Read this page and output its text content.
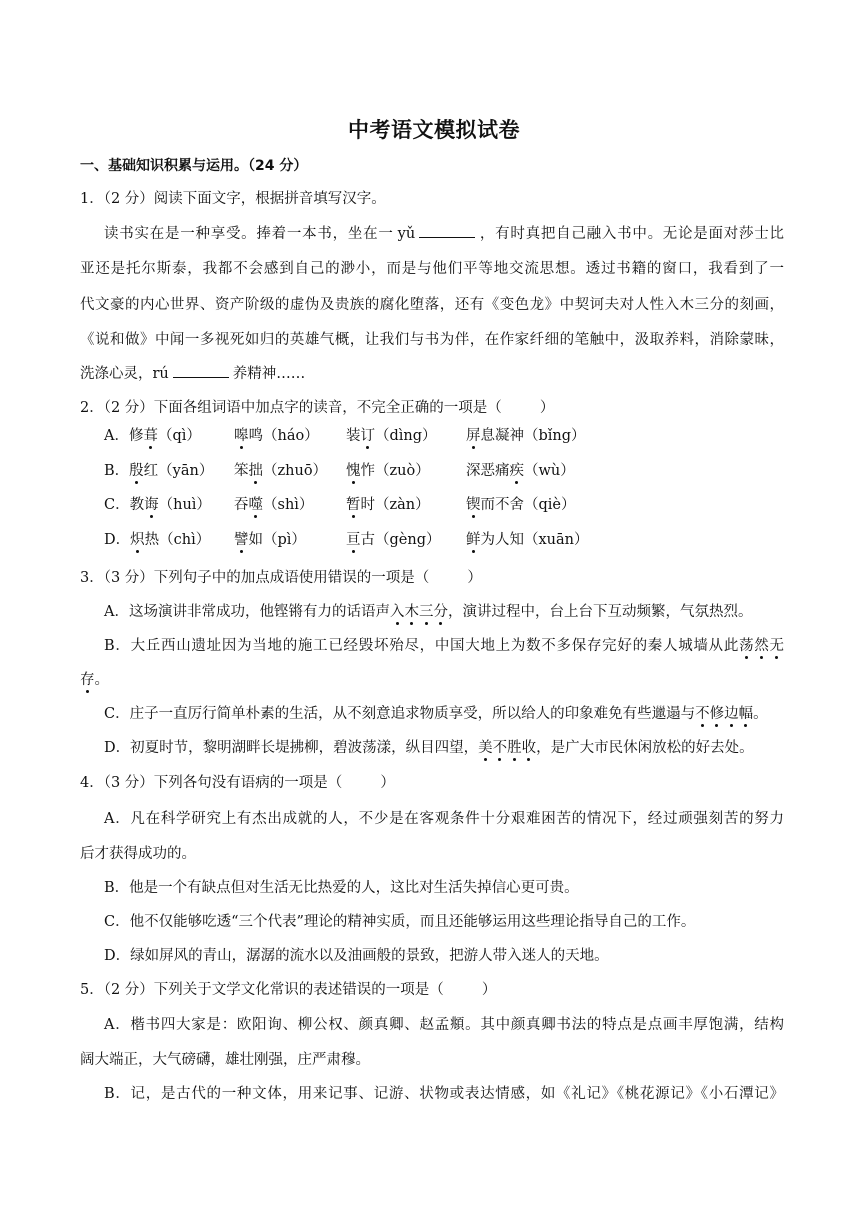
中考语文模拟试卷
一、基础知识积累与运用。（24 分）
1．（2 分）阅读下面文字，根据拼音填写汉字。
读书实在是一种享受。捧着一本书，坐在一 yǔ	，有时真把自己融入书中。无论是面对莎士比
亚还是托尔斯泰，我都不会感到自己的渺小，而是与他们平等地交流思想。透过书籍的窗口，我看到了一
代文豪的内心世界、资产阶级的虚伪及贵族的腐化堕落，还有《变色龙》中契诃夫对人性入木三分的刻画，
《说和做》中闻一多视死如归的英雄气概，让我们与书为伴，在作家纤细的笔触中，汲取养料，消除蒙昧，
洗涤心灵，rú	养精神……
2．（2 分）下面各组词语中加点字的读音，不完全正确的一项是（	）
A．修葺（qì） 嗥鸣（háo） 装订（dìng） 屏息凝神（bǐng）
B．殷红（yān） 笨拙（zhuō） 愧怍（zuò）	深恶痛疾（wù）
C．教诲（huì） 吞噬（shì） 暂时（zàn）	锲而不舍（qiè）
D．炽热（chì） 譬如（pì）	亘古（gèng） 鲜为人知（xuān）
3．（3 分）下列句子中的加点成语使用错误的一项是（	）
A．这场演讲非常成功，他铿锵有力的话语声入木三分，演讲过程中，台上台下互动频繁，气氛热烈。
B．大丘西山遗址因为当地的施工已经毁坏殆尽，中国大地上为数不多保存完好的秦人城墙从此荡然无
存。
C．庄子一直厉行简单朴素的生活，从不刻意追求物质享受，所以给人的印象难免有些邋遢与不修边幅。
D．初夏时节，黎明湖畔长堤拂柳，碧波荡漾，纵目四望，美不胜收，是广大市民休闲放松的好去处。
4．（3 分）下列各句没有语病的一项是（	）
A．凡在科学研究上有杰出成就的人，不少是在客观条件十分艰难困苦的情况下，经过顽强刻苦的努力
后才获得成功的。
B．他是一个有缺点但对生活无比热爱的人，这比对生活失掉信心更可贵。
C．他不仅能够吃透“三个代表”理论的精神实质，而且还能够运用这些理论指导自己的工作。
D．绿如屏风的青山，潺潺的流水以及油画般的景致，把游人带入迷人的天地。
5．（2 分）下列关于文学文化常识的表述错误的一项是（	）
A．楷书四大家是：欧阳询、柳公权、颜真卿、赵孟頫。其中颜真卿书法的特点是点画丰厚饱满，结构
阔大端正，大气磅礴，雄壮刚强，庄严肃穆。
B．记，是古代的一种文体，用来记事、记游、状物或表达情感，如《礼记》《桃花源记》《小石潭记》
